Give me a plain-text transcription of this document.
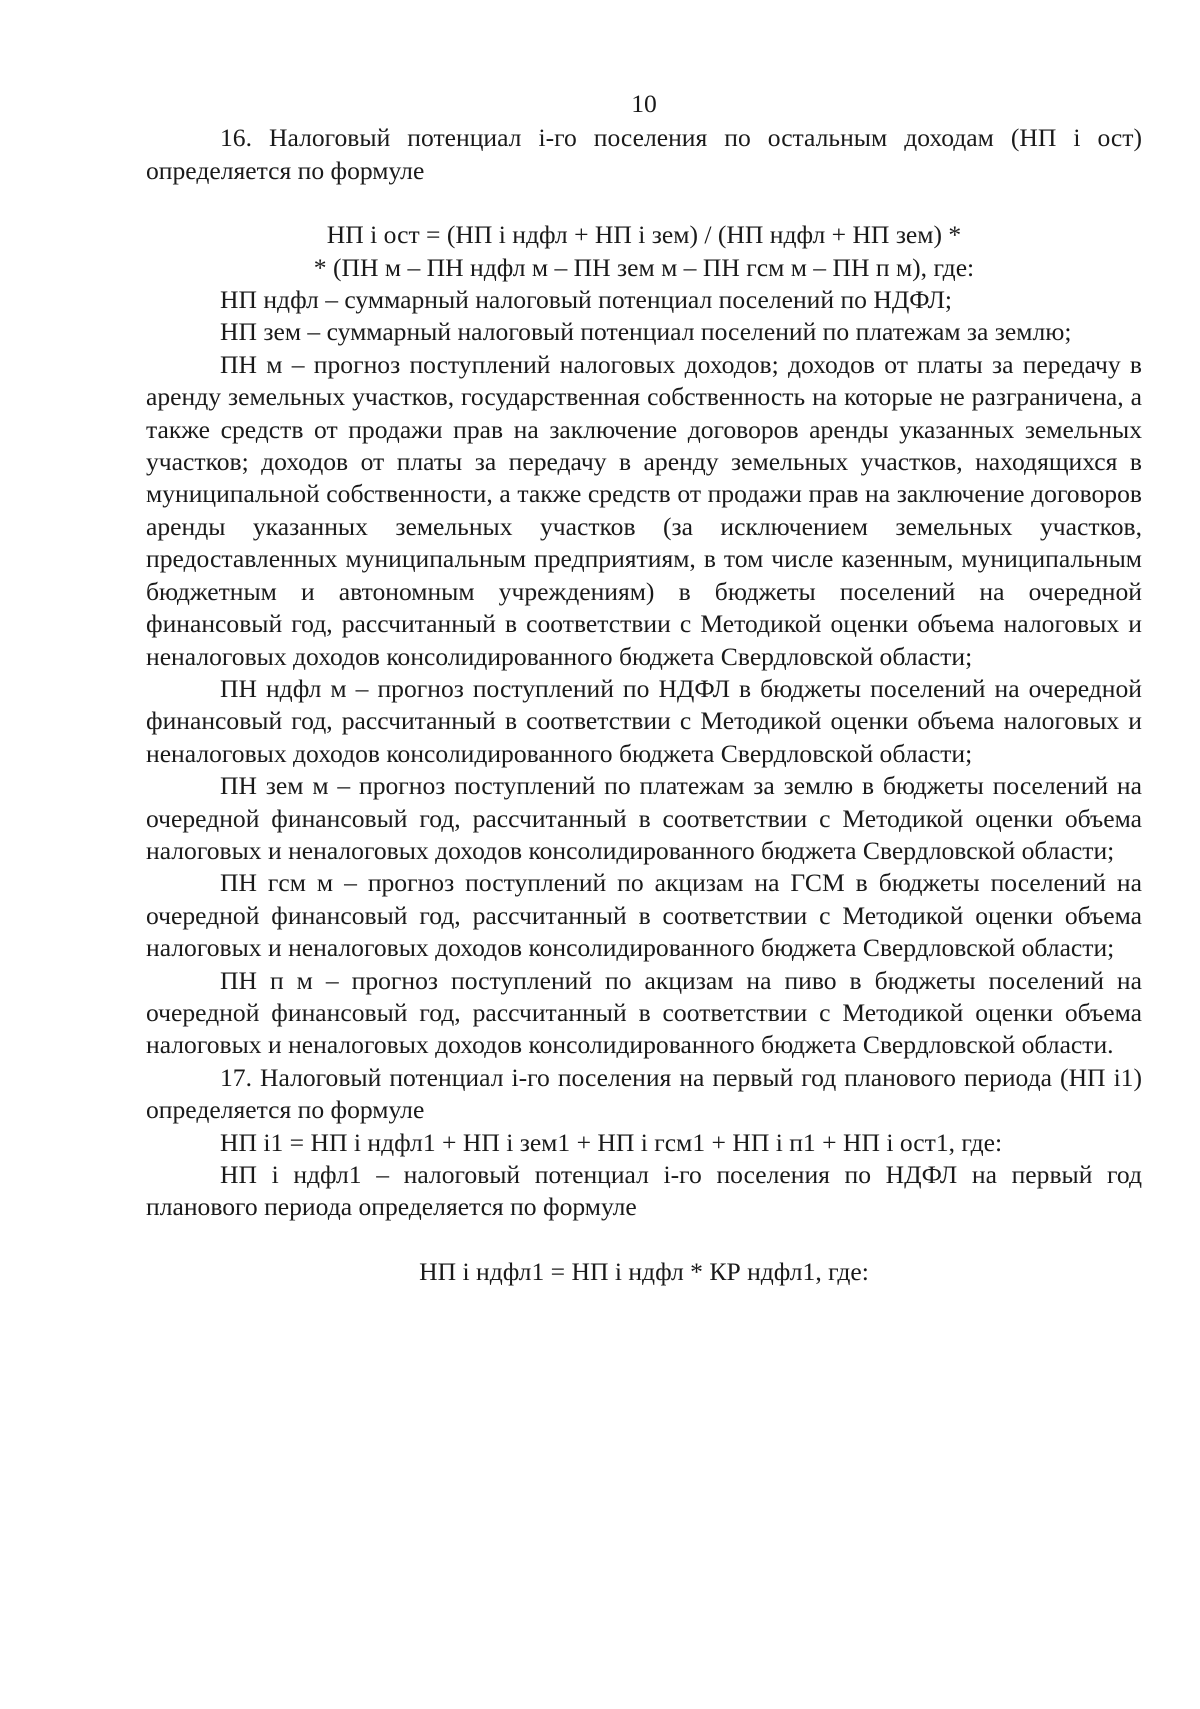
10

16. Налоговый потенциал i-го поселения по остальным доходам (НП i ост) определяется по формуле

НП i ост = (НП i ндфл + НП i зем) / (НП ндфл + НП зем) *

* (ПН м – ПН ндфл м – ПН зем м – ПН гсм м – ПН п м), где:

НП ндфл – суммарный налоговый потенциал поселений по НДФЛ;

НП зем – суммарный налоговый потенциал поселений по платежам за землю;

ПН м – прогноз поступлений налоговых доходов; доходов от платы за передачу в аренду земельных участков, государственная собственность на которые не разграничена, а также средств от продажи прав на заключение договоров аренды указанных земельных участков; доходов от платы за передачу в аренду земельных участков, находящихся в муниципальной собственности, а также средств от продажи прав на заключение договоров аренды указанных земельных участков (за исключением земельных участков, предоставленных муниципальным предприятиям, в том числе казенным, муниципальным бюджетным и автономным учреждениям) в бюджеты поселений на очередной финансовый год, рассчитанный в соответствии с Методикой оценки объема налоговых и неналоговых доходов консолидированного бюджета Свердловской области;

ПН ндфл м – прогноз поступлений по НДФЛ в бюджеты поселений на очередной финансовый год, рассчитанный в соответствии с Методикой оценки объема налоговых и неналоговых доходов консолидированного бюджета Свердловской области;

ПН зем м – прогноз поступлений по платежам за землю в бюджеты поселений на очередной финансовый год, рассчитанный в соответствии с Методикой оценки объема налоговых и неналоговых доходов консолидированного бюджета Свердловской области;

ПН гсм м – прогноз поступлений по акцизам на ГСМ в бюджеты поселений на очередной финансовый год, рассчитанный в соответствии с Методикой оценки объема налоговых и неналоговых доходов консолидированного бюджета Свердловской области;

ПН п м – прогноз поступлений по акцизам на пиво в бюджеты поселений на очередной финансовый год, рассчитанный в соответствии с Методикой оценки объема налоговых и неналоговых доходов консолидированного бюджета Свердловской области.

17. Налоговый потенциал i-го поселения на первый год планового периода (НП i1) определяется по формуле

НП i1 = НП i ндфл1 + НП i зем1 + НП i гсм1 + НП i п1 + НП i ост1, где:

НП i ндфл1 – налоговый потенциал i-го поселения по НДФЛ на первый год планового периода определяется по формуле

НП i ндфл1 = НП i ндфл * КР ндфл1, где:
